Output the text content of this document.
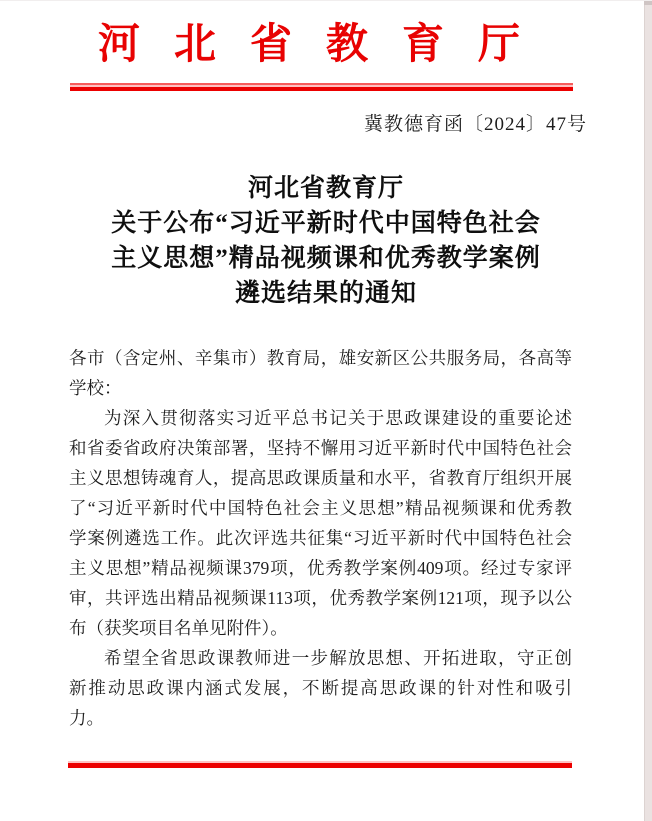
河北省教育厅
冀教德育函〔2024〕47号
河北省教育厅
关于公布“习近平新时代中国特色社会
主义思想”精品视频课和优秀教学案例
遴选结果的通知
各市（含定州、辛集市）教育局，雄安新区公共服务局，各高等
学校：
为深入贯彻落实习近平总书记关于思政课建设的重要论述
和省委省政府决策部署，坚持不懈用习近平新时代中国特色社会
主义思想铸魂育人，提高思政课质量和水平，省教育厅组织开展
了“习近平新时代中国特色社会主义思想”精品视频课和优秀教
学案例遴选工作。此次评选共征集“习近平新时代中国特色社会
主义思想”精品视频课379项，优秀教学案例409项。经过专家评
审，共评选出精品视频课113项，优秀教学案例121项，现予以公
布（获奖项目名单见附件）。
希望全省思政课教师进一步解放思想、开拓进取，守正创
新推动思政课内涵式发展，不断提高思政课的针对性和吸引
力。
